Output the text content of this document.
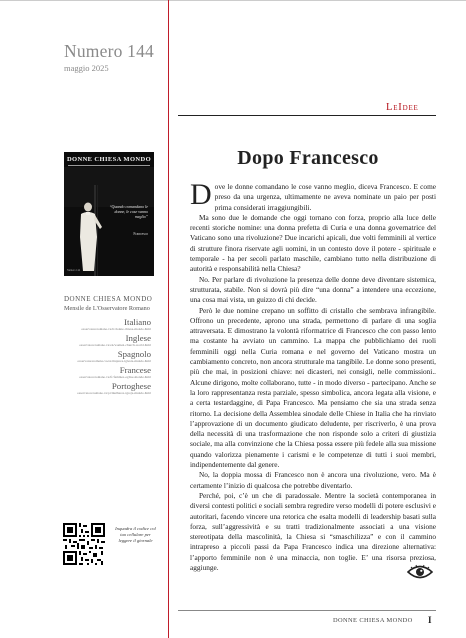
Numero 144
maggio 2025
DONNE CHIESA MONDO
“Quando comandano le donne, le cose vanno meglio”
Francesco
Numero 144
DONNE CHIESA MONDO
Mensile de L'Osservatore Romano
Italiano
osservatoreromano.va/it/donne-chiesa-mondo.html
Inglese
osservatoreromano.va/en/women-church-world.html
Spagnolo
osservatoreromano.va/es/mujeres-iglesia-mundo.html
Francese
osservatoreromano.va/fr/femmes-eglise-monde.html
Portoghese
osservatoreromano.va/pt/mulheres-igreja-mundo.html
Inquadra il codice col tuo cellulare per leggere il giornale
LeIdee
Dopo Francesco

Dove le donne comandano le cose vanno meglio, diceva Francesco. E come preso da una urgenza, ultimamente ne aveva nominate un paio per posti prima considerati irraggiungibili.

Ma sono due le domande che oggi tornano con forza, proprio alla luce delle recenti storiche nomine: una donna prefetta di Curia e una donna governatrice del Vaticano sono una rivoluzione? Due incarichi apicali, due volti femminili al vertice di strutture finora riservate agli uomini, in un contesto dove il potere - spirituale e temporale - ha per secoli parlato maschile, cambiano tutto nella distribuzione di autorità e responsabilità nella Chiesa?

No. Per parlare di rivoluzione la presenza delle donne deve diventare sistemica, strutturata, stabile. Non si dovrà più dire “una donna” a intendere una eccezione, una cosa mai vista, un guizzo di chi decide.

Però le due nomine crepano un soffitto di cristallo che sembrava infrangibile. Offrono un precedente, aprono una strada, permettono di parlare di una soglia attraversata. E dimostrano la volontà riformatrice di Francesco che con passo lento ma costante ha avviato un cammino. La mappa che pubblichiamo dei ruoli femminili oggi nella Curia romana e nel governo del Vaticano mostra un cambiamento concreto, non ancora strutturale ma tangibile. Le donne sono presenti, più che mai, in posizioni chiave: nei dicasteri, nei consigli, nelle commissioni.. Alcune dirigono, molte collaborano, tutte - in modo diverso - partecipano. Anche se la loro rappresentanza resta parziale, spesso simbolica, ancora legata alla visione, e a certa testardaggine, di Papa Francesco. Ma pensiamo che sia una strada senza ritorno. La decisione della Assemblea sinodale delle Chiese in Italia che ha rinviato l’approvazione di un documento giudicato deludente, per riscriverlo, è una prova della necessità di una trasformazione che non risponde solo a criteri di giustizia sociale, ma alla convinzione che la Chiesa possa essere più fedele alla sua missione quando valorizza pienamente i carismi e le competenze di tutti i suoi membri, indipendentemente dal genere.

No, la doppia mossa di Francesco non è ancora una rivoluzione, vero. Ma è certamente l’inizio di qualcosa che potrebbe diventarlo.

Perché, poi, c’è un che di paradossale. Mentre la società contemporanea in diversi contesti politici e sociali sembra regredire verso modelli di potere esclusivi e autoritari, facendo vincere una retorica che esalta modelli di leadership basati sulla forza, sull’aggressività e su tratti tradizionalmente associati a una visione stereotipata della mascolinità, la Chiesa si “smaschilizza” e con il cammino intrapreso a piccoli passi da Papa Francesco indica una direzione alternativa: l’apporto femminile non è una minaccia, non toglie. E’ una risorsa preziosa, aggiunge.

DONNE CHIESA MONDO I
